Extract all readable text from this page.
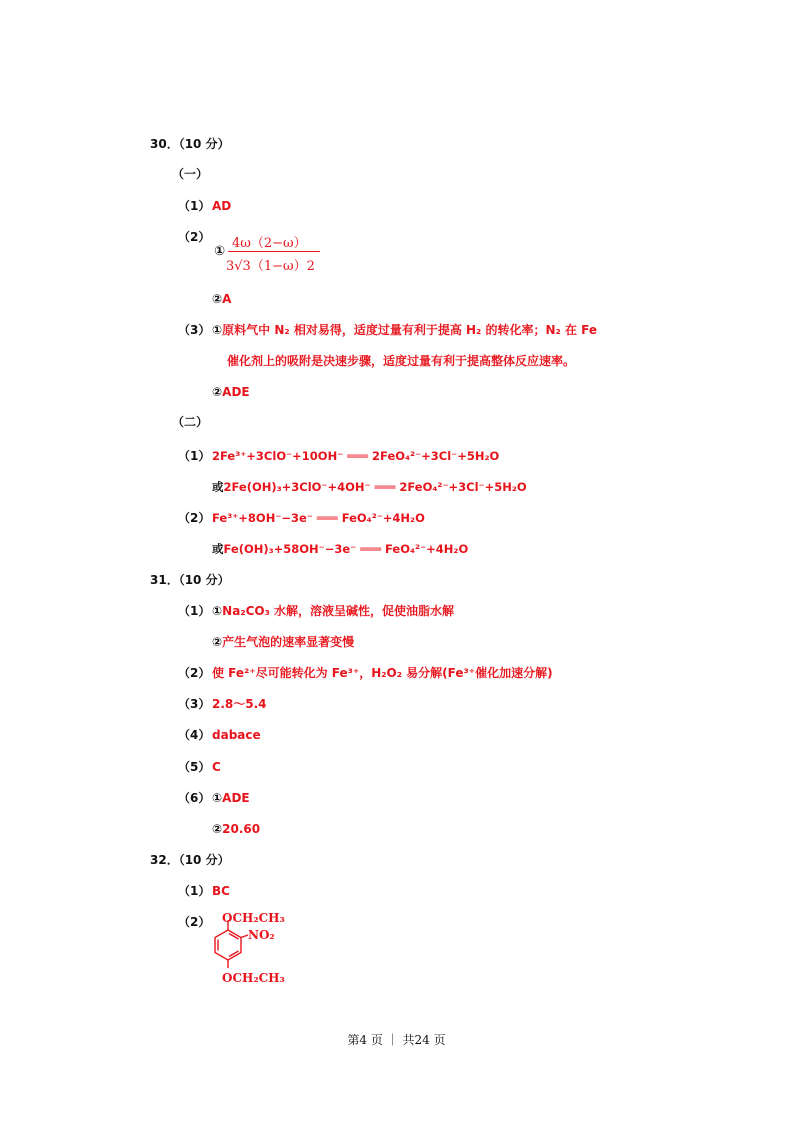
30．（10 分）
（一）
（1） AD
（2）
①
4ω（2−ω）
3√3（1−ω）2
②A
（3） ①原料气中 N₂ 相对易得，适度过量有利于提高 H₂ 的转化率；N₂ 在 Fe
催化剂上的吸附是决速步骤，适度过量有利于提高整体反应速率。
②ADE
（二）
（1） 2Fe³⁺+3ClO⁻+10OH⁻ ═══ 2FeO₄²⁻+3Cl⁻+5H₂O
或2Fe(OH)₃+3ClO⁻+4OH⁻ ═══ 2FeO₄²⁻+3Cl⁻+5H₂O
（2） Fe³⁺+8OH⁻−3e⁻ ═══ FeO₄²⁻+4H₂O
或Fe(OH)₃+58OH⁻−3e⁻ ═══ FeO₄²⁻+4H₂O
31．（10 分）
（1） ①Na₂CO₃ 水解，溶液呈碱性，促使油脂水解
②产生气泡的速率显著变慢
（2） 使 Fe²⁺尽可能转化为 Fe³⁺，H₂O₂ 易分解(Fe³⁺催化加速分解)
（3） 2.8～5.4
（4） dabace
（5） C
（6） ①ADE
②20.60
32．（10 分）
（1） BC
（2） OCH₂CH₃
NO₂
OCH₂CH₃
第4 页 ｜ 共24 页
